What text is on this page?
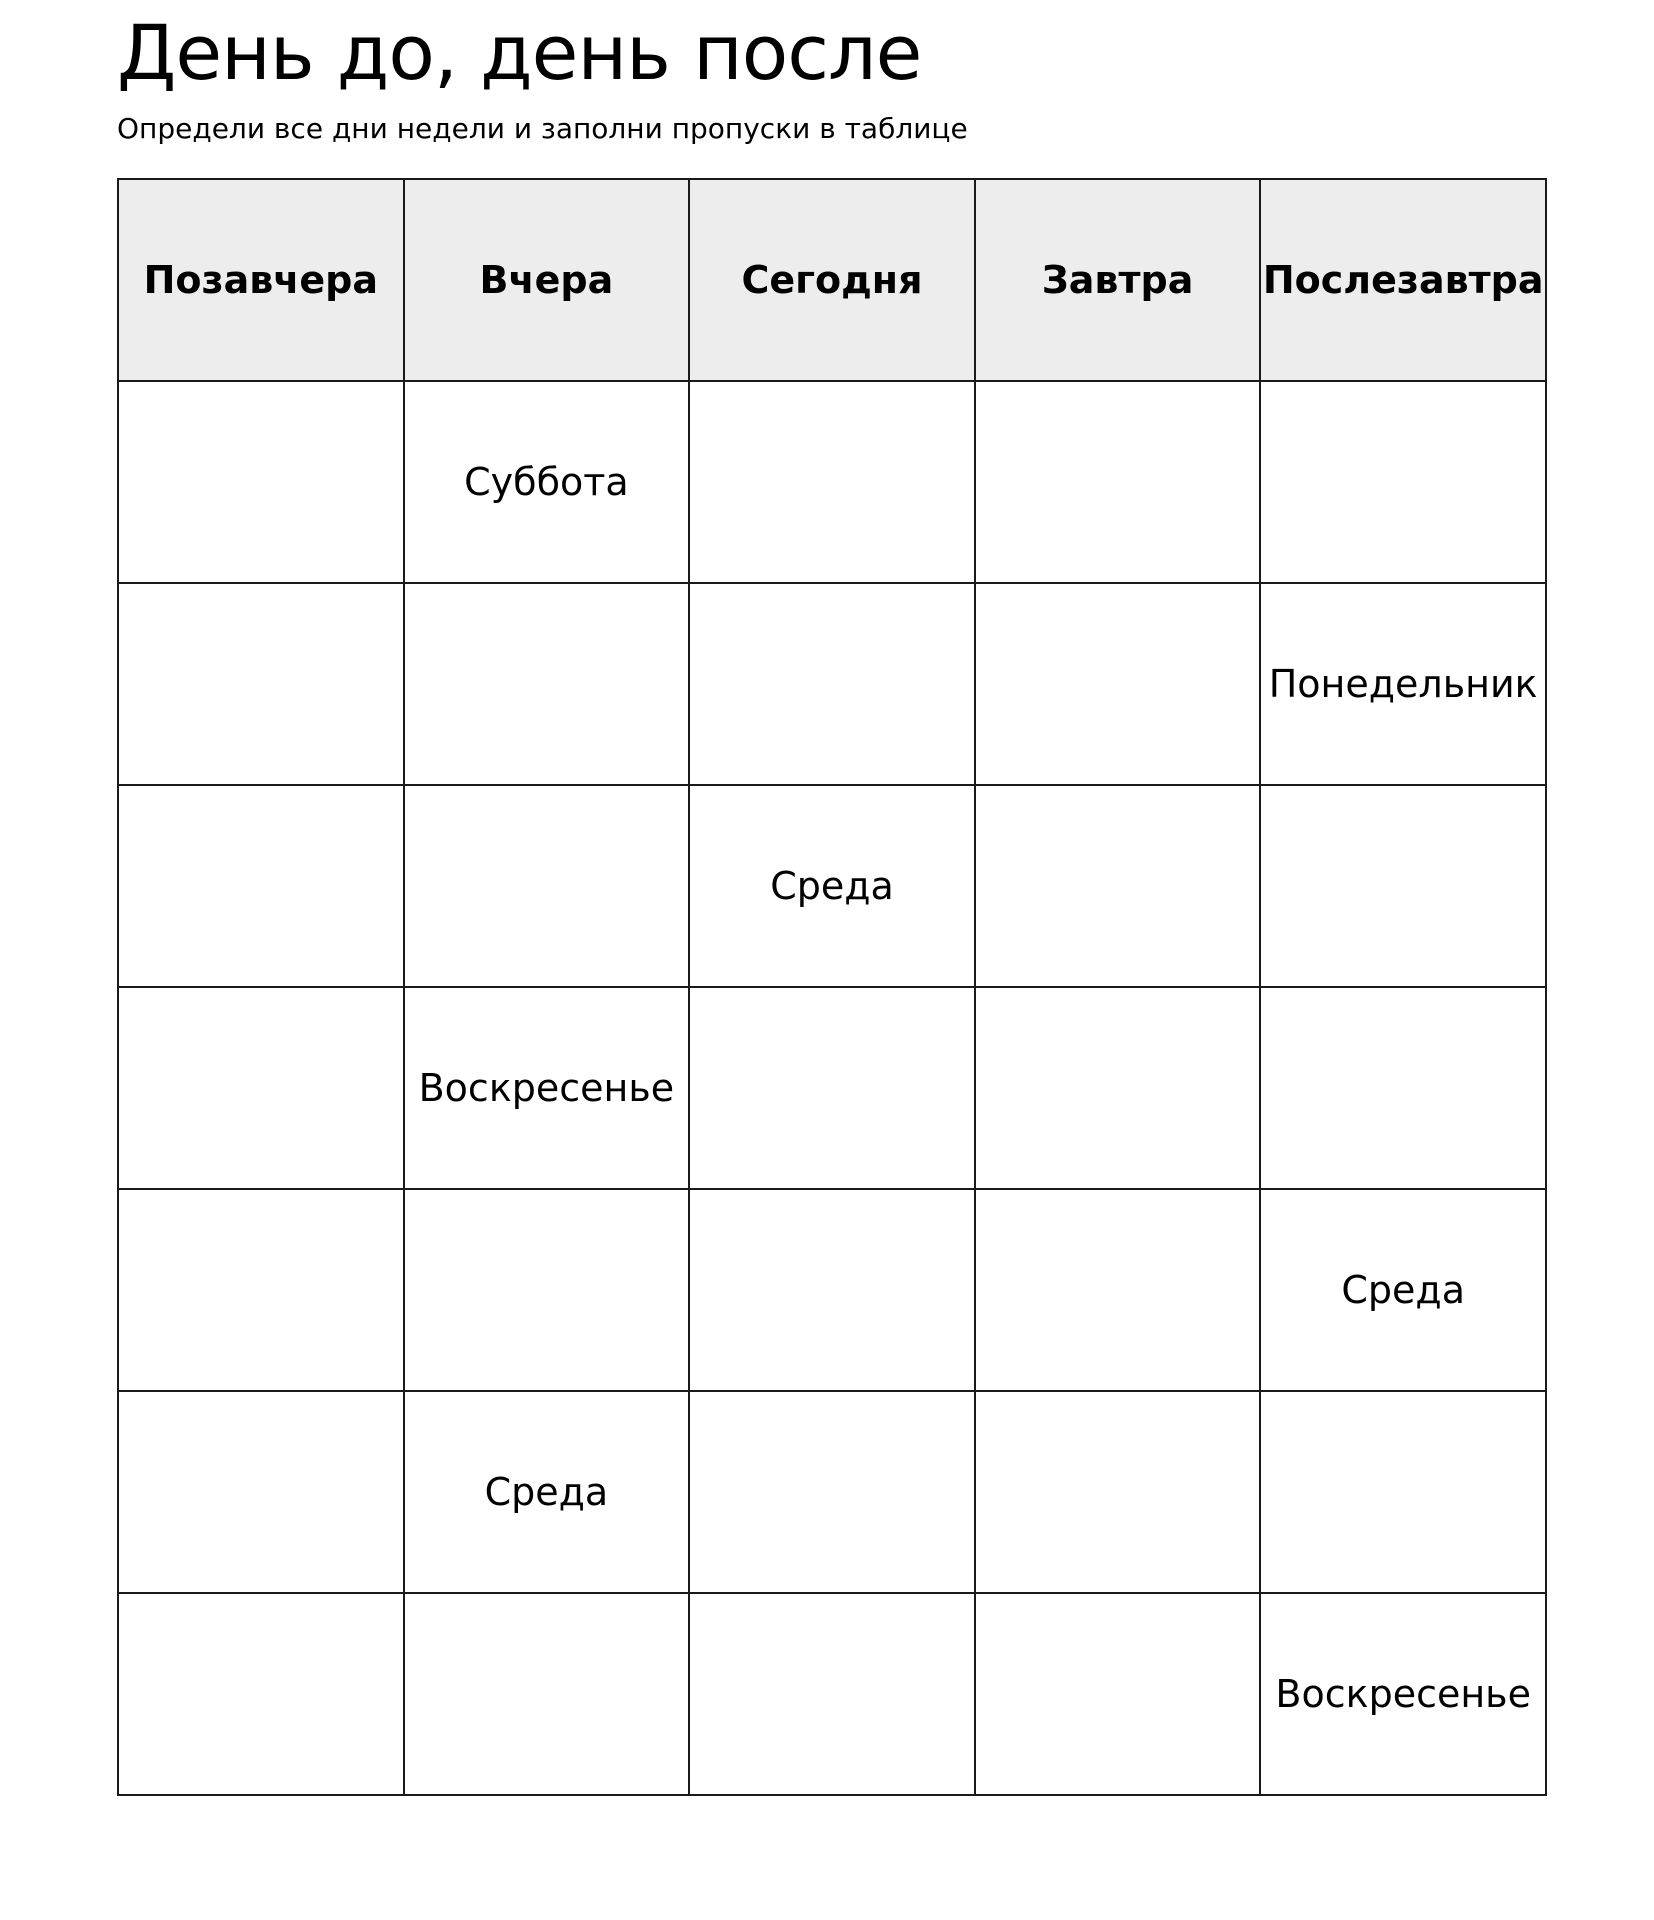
День до, день после

Определи все дни недели и заполни пропуски в таблице

Позавчера	Вчера	Сегодня	Завтра	Послезавтра
	Суббота			
				Понедельник
		Среда		
	Воскресенье			
				Среда
	Среда			
				Воскресенье
